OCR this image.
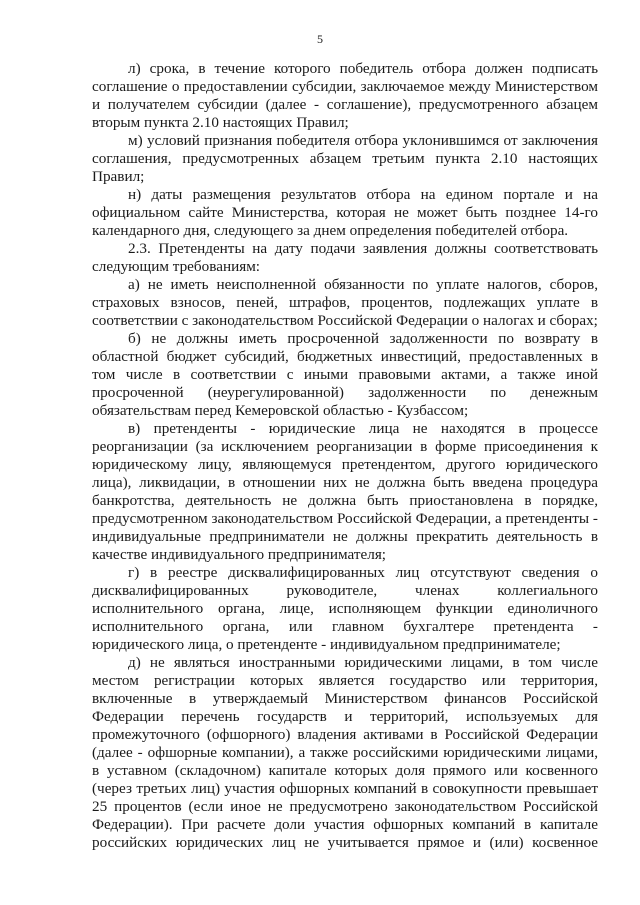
5

л) срока, в течение которого победитель отбора должен подписать соглашение о предоставлении субсидии, заключаемое между Министерством и получателем субсидии (далее - соглашение), предусмотренного абзацем вторым пункта 2.10 настоящих Правил;

м) условий признания победителя отбора уклонившимся от заключения соглашения, предусмотренных абзацем третьим пункта 2.10 настоящих Правил;

н) даты размещения результатов отбора на едином портале и на официальном сайте Министерства, которая не может быть позднее 14-го календарного дня, следующего за днем определения победителей отбора.

2.3. Претенденты на дату подачи заявления должны соответствовать следующим требованиям:

а) не иметь неисполненной обязанности по уплате налогов, сборов, страховых взносов, пеней, штрафов, процентов, подлежащих уплате в соответствии с законодательством Российской Федерации о налогах и сборах;

б) не должны иметь просроченной задолженности по возврату в областной бюджет субсидий, бюджетных инвестиций, предоставленных в том числе в соответствии с иными правовыми актами, а также иной просроченной (неурегулированной) задолженности по денежным обязательствам перед Кемеровской областью - Кузбассом;

в) претенденты - юридические лица не находятся в процессе реорганизации (за исключением реорганизации в форме присоединения к юридическому лицу, являющемуся претендентом, другого юридического лица), ликвидации, в отношении них не должна быть введена процедура банкротства, деятельность не должна быть приостановлена в порядке, предусмотренном законодательством Российской Федерации, а претенденты - индивидуальные предприниматели не должны прекратить деятельность в качестве индивидуального предпринимателя;

г) в реестре дисквалифицированных лиц отсутствуют сведения о дисквалифицированных руководителе, членах коллегиального исполнительного органа, лице, исполняющем функции единоличного исполнительного органа, или главном бухгалтере претендента - юридического лица, о претенденте - индивидуальном предпринимателе;

д) не являться иностранными юридическими лицами, в том числе местом регистрации которых является государство или территория, включенные в утверждаемый Министерством финансов Российской Федерации перечень государств и территорий, используемых для промежуточного (офшорного) владения активами в Российской Федерации (далее - офшорные компании), а также российскими юридическими лицами, в уставном (складочном) капитале которых доля прямого или косвенного (через третьих лиц) участия офшорных компаний в совокупности превышает 25 процентов (если иное не предусмотрено законодательством Российской Федерации). При расчете доли участия офшорных компаний в капитале российских юридических лиц не учитывается прямое и (или) косвенное
